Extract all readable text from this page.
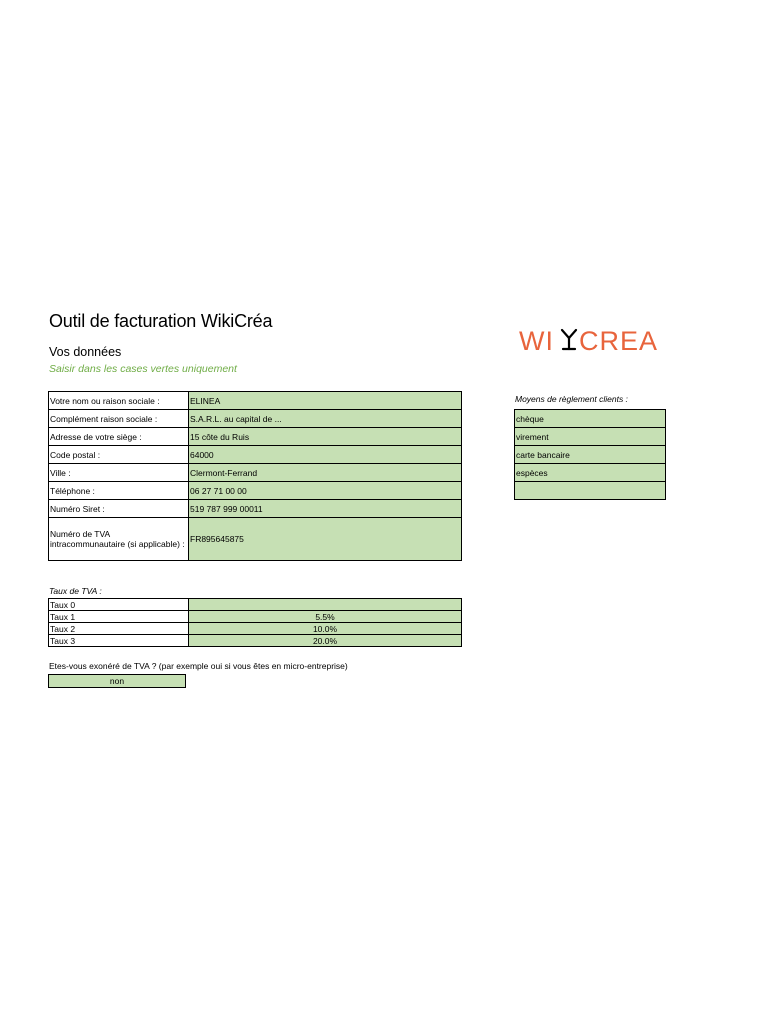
Outil de facturation WikiCréa
Vos données
Saisir dans les cases vertes uniquement
WI CREA
Votre nom ou raison sociale :	ELINEA
Complément raison sociale :	S.A.R.L. au capital de ...
Adresse de votre siège :	15 côte du Ruis
Code postal :	64000
Ville :	Clermont-Ferrand
Téléphone :	06 27 71 00 00
Numéro Siret :	519 787 999 00011
Numéro de TVA intracommunautaire (si applicable) :	FR895645875
Moyens de règlement clients :
chèque
virement
carte bancaire
espèces

Taux de TVA :
Taux 0	
Taux 1	5.5%
Taux 2	10.0%
Taux 3	20.0%
Etes-vous exonéré de TVA ? (par exemple oui si vous êtes en micro-entreprise)
non
